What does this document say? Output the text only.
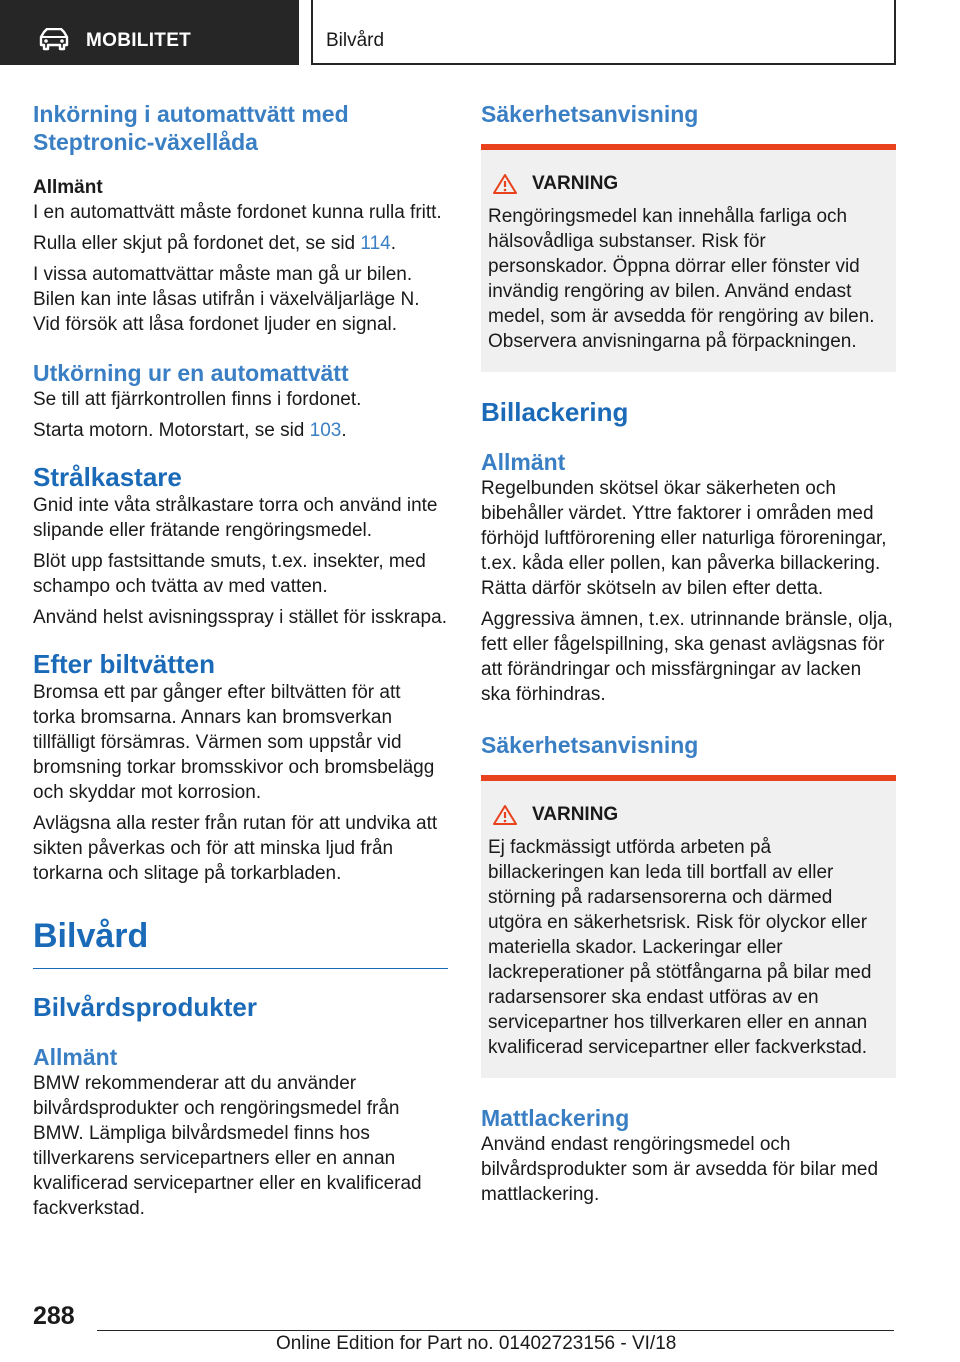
MOBILITET	Bilvård
Inkörning i automattvätt med Steptronic-växellåda
Allmänt

I en automattvätt måste fordonet kunna rulla fritt.

Rulla eller skjut på fordonet det, se sid 114.

I vissa automattvättar måste man gå ur bilen. Bilen kan inte låsas utifrån i växelväljarläge N. Vid försök att låsa fordonet ljuder en signal.

Utkörning ur en automattvätt

Se till att fjärrkontrollen finns i fordonet.

Starta motorn. Motorstart, se sid 103.

Strålkastare

Gnid inte våta strålkastare torra och använd inte slipande eller frätande rengöringsmedel.

Blöt upp fastsittande smuts, t.ex. insekter, med schampo och tvätta av med vatten.

Använd helst avisningsspray i stället för isskrapa.

Efter biltvätten

Bromsa ett par gånger efter biltvätten för att torka bromsarna. Annars kan bromsverkan tillfälligt försämras. Värmen som uppstår vid bromsning torkar bromsskivor och bromsbelägg och skyddar mot korrosion.

Avlägsna alla rester från rutan för att undvika att sikten påverkas och för att minska ljud från torkarna och slitage på torkarbladen.

Bilvård
Bilvårdsprodukter
Allmänt

BMW rekommenderar att du använder bilvårdsprodukter och rengöringsmedel från BMW. Lämpliga bilvårdsmedel finns hos tillverkarens servicepartners eller en annan kvalificerad servicepartner eller en kvalificerad fackverkstad.

Säkerhetsanvisning
VARNING

Rengöringsmedel kan innehålla farliga och hälsovådliga substanser. Risk för personskador. Öppna dörrar eller fönster vid invändig rengöring av bilen. Använd endast medel, som är avsedda för rengöring av bilen. Observera anvisningarna på förpackningen.

Billackering
Allmänt

Regelbunden skötsel ökar säkerheten och bibehåller värdet. Yttre faktorer i områden med förhöjd luftförorening eller naturliga föroreningar, t.ex. kåda eller pollen, kan påverka billackering. Rätta därför skötseln av bilen efter detta.

Aggressiva ämnen, t.ex. utrinnande bränsle, olja, fett eller fågelspillning, ska genast avlägsnas för att förändringar och missfärgningar av lacken ska förhindras.

Säkerhetsanvisning
VARNING

Ej fackmässigt utförda arbeten på billackeringen kan leda till bortfall av eller störning på radarsensorerna och därmed utgöra en säkerhetsrisk. Risk för olyckor eller materiella skador. Lackeringar eller lackreperationer på stötfångarna på bilar med radarsensorer ska endast utföras av en servicepartner hos tillverkaren eller en annan kvalificerad servicepartner eller fackverkstad.

Mattlackering

Använd endast rengöringsmedel och bilvårdsprodukter som är avsedda för bilar med mattlackering.

288
Online Edition for Part no. 01402723156 - VI/18
